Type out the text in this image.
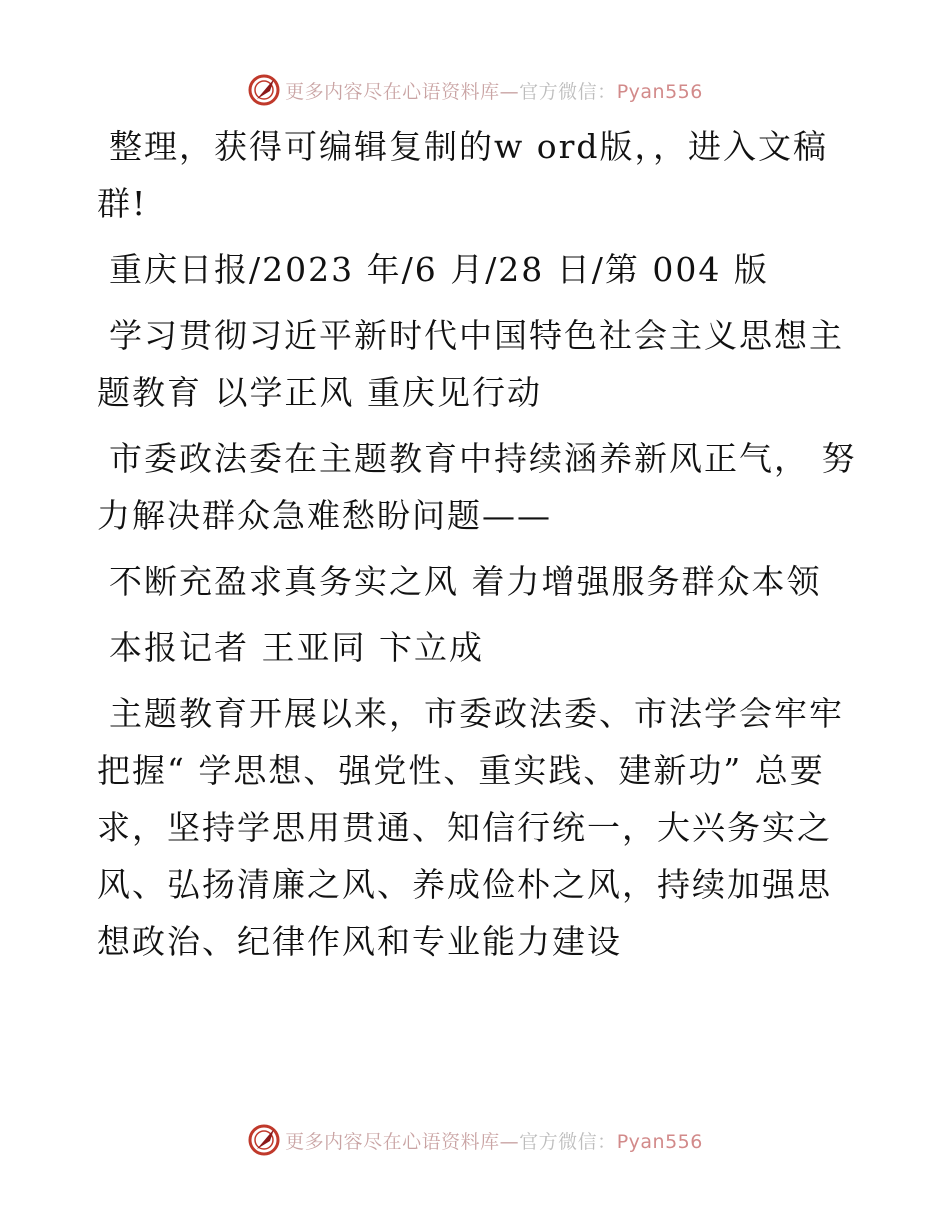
更多内容尽在心语资料库—官方微信：Pyan556

整理，获得可编辑复制的w ord版，，进入文稿群!

重庆日报/2023 年/6 月/28 日/第 004 版

学习贯彻习近平新时代中国特色社会主义思想主题教育 以学正风 重庆见行动

市委政法委在主题教育中持续涵养新风正气， 努力解决群众急难愁盼问题——

不断充盈求真务实之风 着力增强服务群众本领

本报记者 王亚同 卞立成

主题教育开展以来，市委政法委、市法学会牢牢把握“ 学思想、强党性、重实践、建新功” 总要求，坚持学思用贯通、知信行统一，大兴务实之风、弘扬清廉之风、养成俭朴之风，持续加强思想政治、纪律作风和专业能力建设

更多内容尽在心语资料库—官方微信：Pyan556
